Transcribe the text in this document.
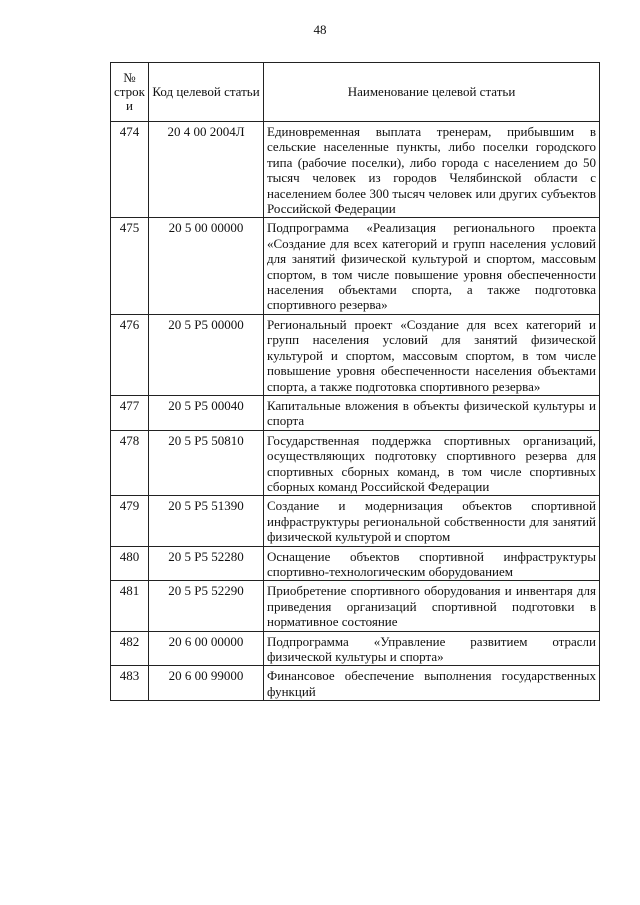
48
№ строк и	Код целевой статьи	Наименование целевой статьи
474	20 4 00 2004Л	Единовременная выплата тренерам, прибывшим в сельские населенные пункты, либо поселки городского типа (рабочие поселки), либо города с населением до 50 тысяч человек из городов Челябинской области с населением более 300 тысяч человек или других субъектов Российской Федерации
475	20 5 00 00000	Подпрограмма «Реализация регионального проекта «Создание для всех категорий и групп населения условий для занятий физической культурой и спортом, массовым спортом, в том числе повышение уровня обеспеченности населения объектами спорта, а также подготовка спортивного резерва»
476	20 5 P5 00000	Региональный проект «Создание для всех категорий и групп населения условий для занятий физической культурой и спортом, массовым спортом, в том числе повышение уровня обеспеченности населения объектами спорта, а также подготовка спортивного резерва»
477	20 5 P5 00040	Капитальные вложения в объекты физической культуры и спорта
478	20 5 P5 50810	Государственная поддержка спортивных организаций, осуществляющих подготовку спортивного резерва для спортивных сборных команд, в том числе спортивных сборных команд Российской Федерации
479	20 5 P5 51390	Создание и модернизация объектов спортивной инфраструктуры региональной собственности для занятий физической культурой и спортом
480	20 5 P5 52280	Оснащение объектов спортивной инфраструктуры спортивно-технологическим оборудованием
481	20 5 P5 52290	Приобретение спортивного оборудования и инвентаря для приведения организаций спортивной подготовки в нормативное состояние
482	20 6 00 00000	Подпрограмма «Управление развитием отрасли физической культуры и спорта»
483	20 6 00 99000	Финансовое обеспечение выполнения государственных функций
